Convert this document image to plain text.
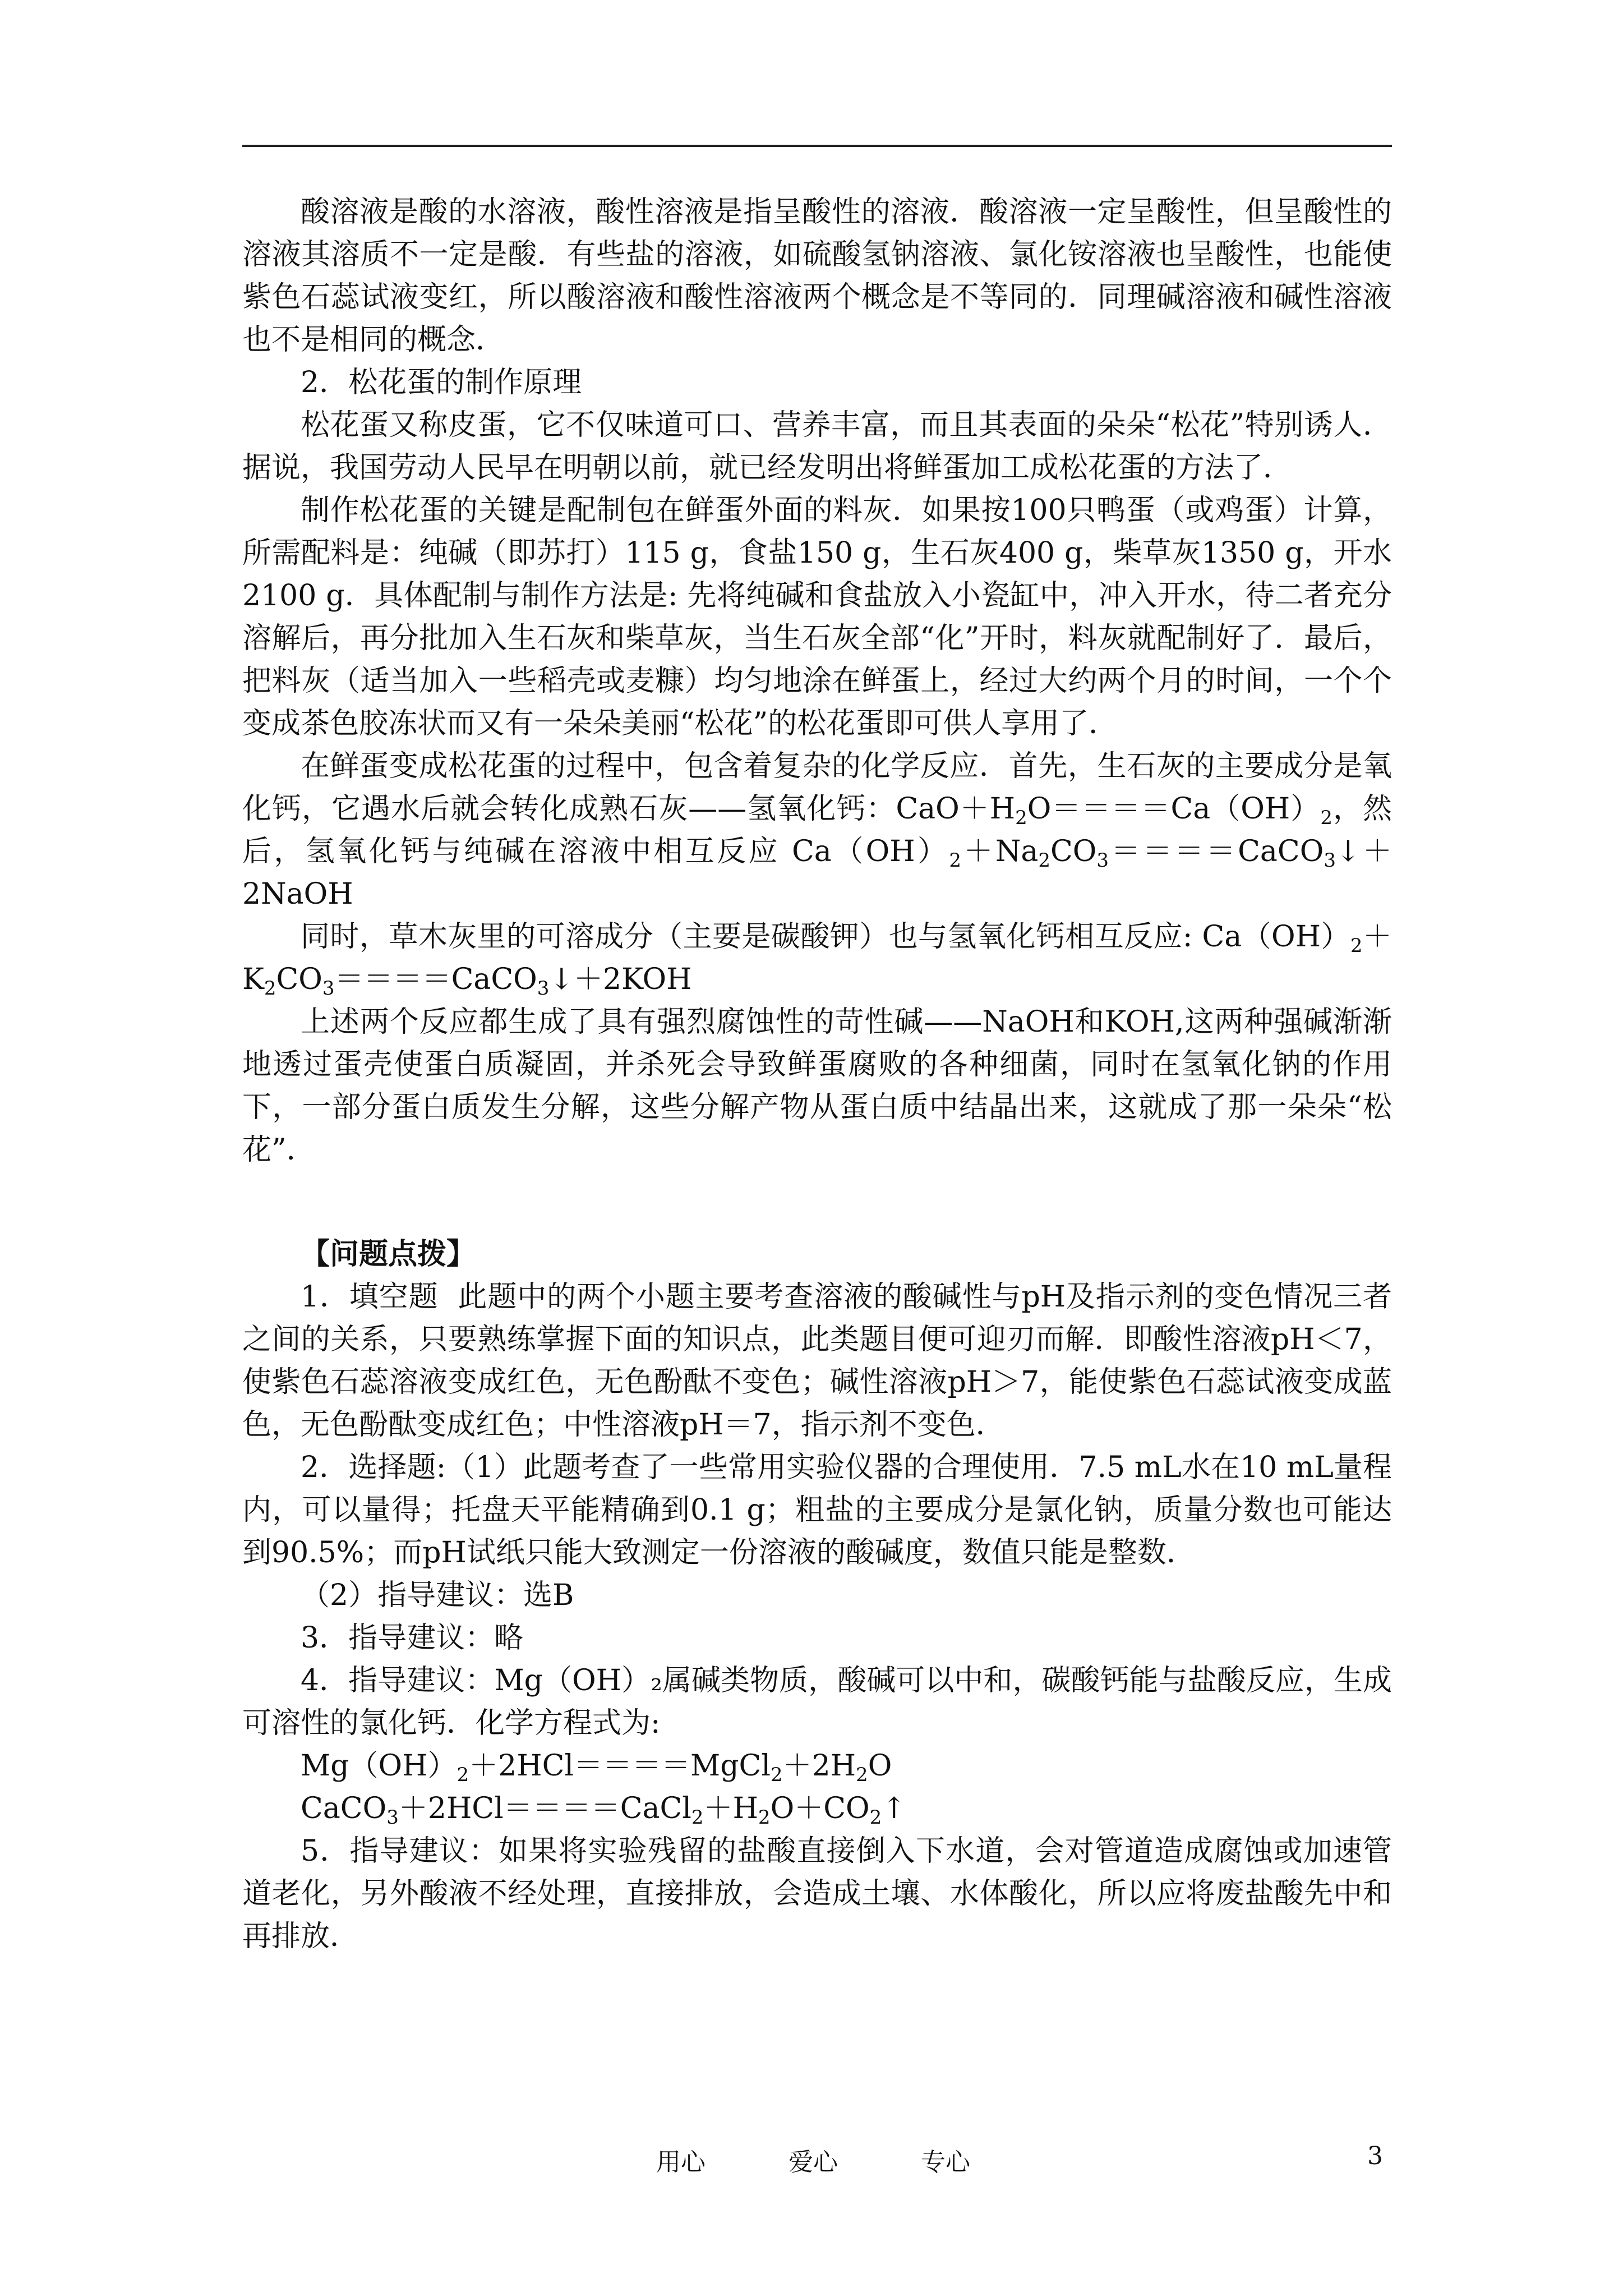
酸溶液是酸的水溶液，酸性溶液是指呈酸性的溶液．酸溶液一定呈酸性，但呈酸性的溶液其溶质不一定是酸．有些盐的溶液，如硫酸氢钠溶液、氯化铵溶液也呈酸性，也能使紫色石蕊试液变红，所以酸溶液和酸性溶液两个概念是不等同的．同理碱溶液和碱性溶液也不是相同的概念．

2．松花蛋的制作原理

松花蛋又称皮蛋，它不仅味道可口、营养丰富，而且其表面的朵朵“松花”特别诱人．据说，我国劳动人民早在明朝以前，就已经发明出将鲜蛋加工成松花蛋的方法了．

制作松花蛋的关键是配制包在鲜蛋外面的料灰．如果按100只鸭蛋（或鸡蛋）计算，所需配料是：纯碱（即苏打）115 g，食盐150 g，生石灰400 g，柴草灰1350 g，开水2100 g．具体配制与制作方法是: 先将纯碱和食盐放入小瓷缸中，冲入开水，待二者充分溶解后，再分批加入生石灰和柴草灰，当生石灰全部“化”开时，料灰就配制好了．最后，把料灰（适当加入一些稻壳或麦糠）均匀地涂在鲜蛋上，经过大约两个月的时间，一个个变成茶色胶冻状而又有一朵朵美丽“松花”的松花蛋即可供人享用了．

在鲜蛋变成松花蛋的过程中，包含着复杂的化学反应．首先，生石灰的主要成分是氧化钙，它遇水后就会转化成熟石灰——氢氧化钙：$CaO+H_2O====Ca(OH)_2$，然后，氢氧化钙与纯碱在溶液中相互反应 $Ca(OH)_2+Na_2CO_3====CaCO_3↓+2NaOH$

同时，草木灰里的可溶成分（主要是碳酸钾）也与氢氧化钙相互反应: $Ca(OH)_2+K_2CO_3====CaCO_3↓+2KOH$

上述两个反应都生成了具有强烈腐蚀性的苛性碱——NaOH和KOH,这两种强碱渐渐地透过蛋壳使蛋白质凝固，并杀死会导致鲜蛋腐败的各种细菌，同时在氢氧化钠的作用下，一部分蛋白质发生分解，这些分解产物从蛋白质中结晶出来，这就成了那一朵朵“松花”．

【问题点拨】

1．填空题  此题中的两个小题主要考查溶液的酸碱性与pH及指示剂的变色情况三者之间的关系，只要熟练掌握下面的知识点，此类题目便可迎刃而解．即酸性溶液pH＜7，使紫色石蕊溶液变成红色，无色酚酞不变色；碱性溶液pH＞7，能使紫色石蕊试液变成蓝色，无色酚酞变成红色；中性溶液pH＝7，指示剂不变色．

2．选择题:（1）此题考查了一些常用实验仪器的合理使用．7.5 mL水在10 mL量程内，可以量得；托盘天平能精确到0.1 g；粗盐的主要成分是氯化钠，质量分数也可能达到90.5%；而pH试纸只能大致测定一份溶液的酸碱度，数值只能是整数．

（2）指导建议：选B

3．指导建议：略

4．指导建议：Mg（OH）₂属碱类物质，酸碱可以中和，碳酸钙能与盐酸反应，生成可溶性的氯化钙．化学方程式为:

$Mg(OH)_2+2HCl====MgCl_2+2H_2O$

$CaCO_3+2HCl====CaCl_2+H_2O+CO_2↑$

5．指导建议：如果将实验残留的盐酸直接倒入下水道，会对管道造成腐蚀或加速管道老化，另外酸液不经处理，直接排放，会造成土壤、水体酸化，所以应将废盐酸先中和再排放．

用心	爱心	专心	3
